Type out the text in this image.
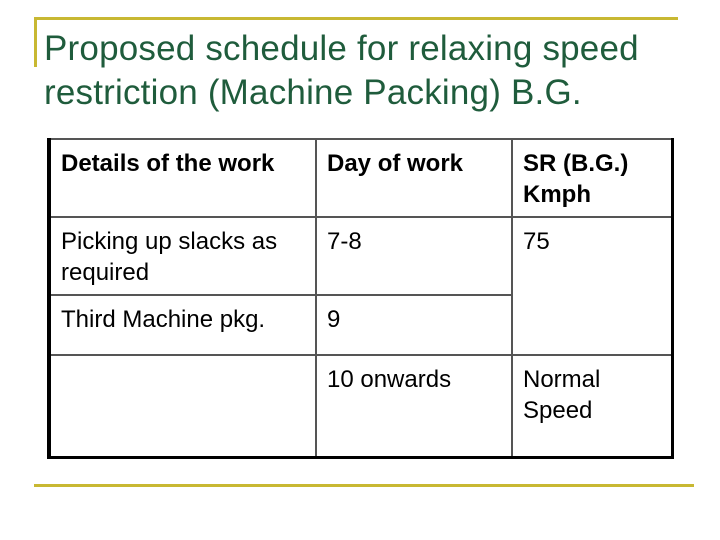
Details of the work	Day of work	SR (B.G.) Kmph
Picking up slacks as required	7-8	75
Third Machine pkg.	9	
	10 onwards	Normal Speed
Proposed schedule for relaxing speed restriction (Machine Packing) B.G.
